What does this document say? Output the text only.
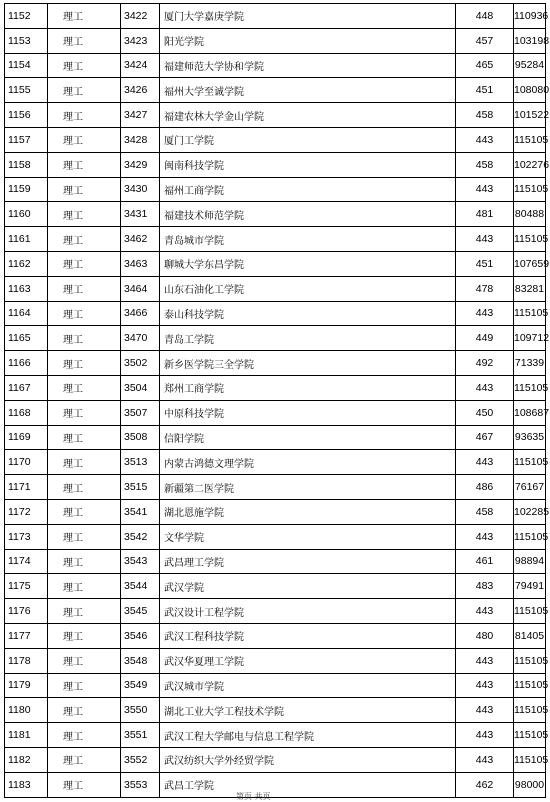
1152	理工	3422	厦门大学嘉庚学院	448	110936
1153	理工	3423	阳光学院	457	103198
1154	理工	3424	福建师范大学协和学院	465	95284
1155	理工	3426	福州大学至诚学院	451	108080
1156	理工	3427	福建农林大学金山学院	458	101522
1157	理工	3428	厦门工学院	443	115105
1158	理工	3429	闽南科技学院	458	102276
1159	理工	3430	福州工商学院	443	115105
1160	理工	3431	福建技术师范学院	481	80488
1161	理工	3462	青岛城市学院	443	115105
1162	理工	3463	聊城大学东昌学院	451	107659
1163	理工	3464	山东石油化工学院	478	83281
1164	理工	3466	泰山科技学院	443	115105
1165	理工	3470	青岛工学院	449	109712
1166	理工	3502	新乡医学院三全学院	492	71339
1167	理工	3504	郑州工商学院	443	115105
1168	理工	3507	中原科技学院	450	108687
1169	理工	3508	信阳学院	467	93635
1170	理工	3513	内蒙古鸿德文理学院	443	115105
1171	理工	3515	新疆第二医学院	486	76167
1172	理工	3541	湖北恩施学院	458	102285
1173	理工	3542	文华学院	443	115105
1174	理工	3543	武昌理工学院	461	98894
1175	理工	3544	武汉学院	483	79491
1176	理工	3545	武汉设计工程学院	443	115105
1177	理工	3546	武汉工程科技学院	480	81405
1178	理工	3548	武汉华夏理工学院	443	115105
1179	理工	3549	武汉城市学院	443	115105
1180	理工	3550	湖北工业大学工程技术学院	443	115105
1181	理工	3551	武汉工程大学邮电与信息工程学院	443	115105
1182	理工	3552	武汉纺织大学外经贸学院	443	115105
1183	理工	3553	武昌工学院	462	98000
第页 共页
